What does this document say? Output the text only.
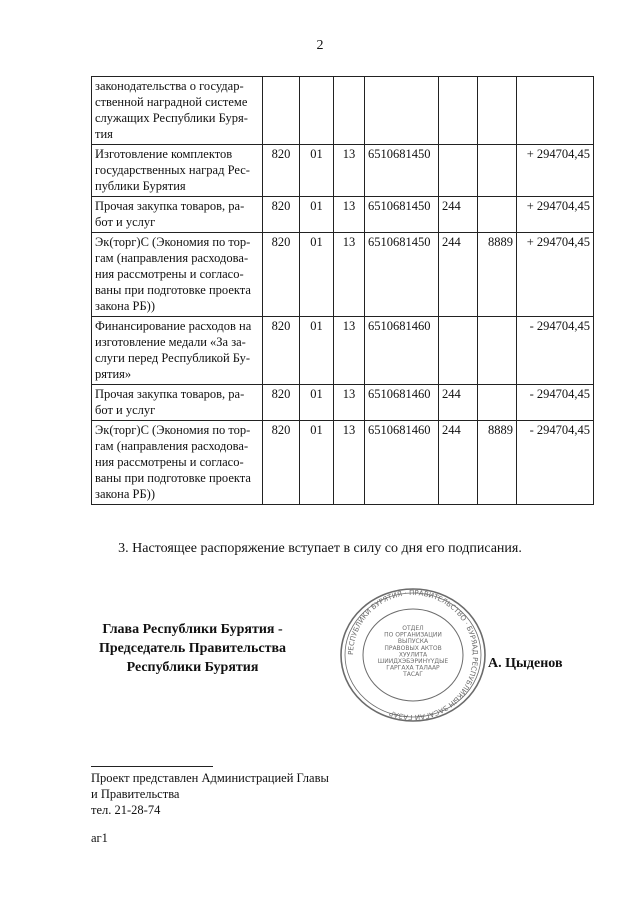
2
законодательства о государ-
ственной наградной системе
служащих Республики Буря-
тия							

Изготовление комплектов
государственных наград Рес-
публики Бурятия	820	01	13	6510681450			+ 294704,45

Прочая закупка товаров, ра-
бот и услуг	820	01	13	6510681450	244		+ 294704,45

Эк(торг)С (Экономия по тор-
гам (направления расходова-
ния рассмотрены и согласо-
ваны при подготовке проекта
закона РБ))	820	01	13	6510681450	244	8889	+ 294704,45

Финансирование расходов на
изготовление медали «За за-
слуги перед Республикой Бу-
рятия»	820	01	13	6510681460			- 294704,45

Прочая закупка товаров, ра-
бот и услуг	820	01	13	6510681460	244		- 294704,45

Эк(торг)С (Экономия по тор-
гам (направления расходова-
ния рассмотрены и согласо-
ваны при подготовке проекта
закона РБ))	820	01	13	6510681460	244	8889	- 294704,45
3. Настоящее распоряжение вступает в силу со дня его подписания.
Глава Республики Бурятия -
Председатель Правительства
Республики Бурятия
РЕСПУБЛИКИ БУРЯТИЯ · ПРАВИТЕЛЬСТВО · БУРЯАД РЕСПУБЛИКЫН ЗАСАГАЙ ГАЗАР
ОТДЕЛ
ПО ОРГАНИЗАЦИИ
ВЫПУСКА
ПРАВОВЫХ АКТОВ
ХУУЛИТА
ШИИДХЭБЭРИНҮҮДЫЕ
ГАРГАХА ТАЛААР
ТАСАГ
А. Цыденов
Проект представлен Администрацией Главы
и Правительства
тел. 21-28-74
аг1
